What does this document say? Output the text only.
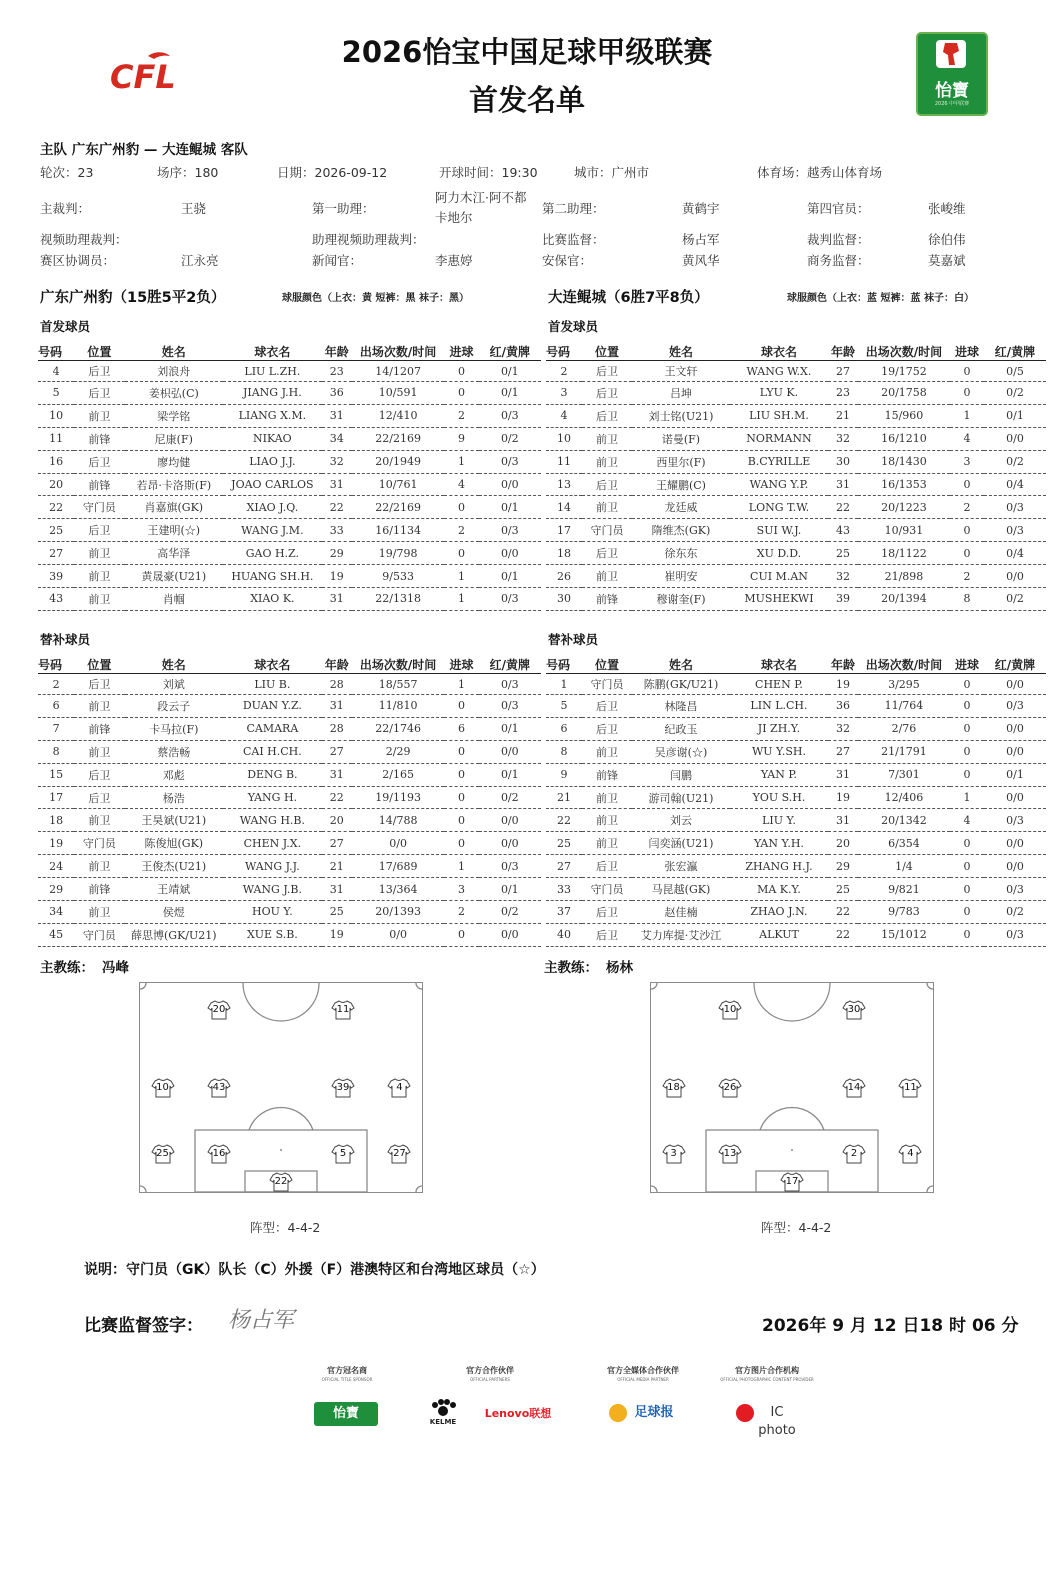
CFL
2026怡宝中国足球甲级联赛
首发名单	怡寶
2026 中甲联赛
主队 广东广州豹 — 大连鲲城 客队
轮次：23	场序：180	日期：2026-09-12	开球时间：19:30	城市：广州市	体育场：越秀山体育场
主裁判：	王骁	第一助理：
阿力木江·阿不都
卡地尔
第二助理：	黄鹤宇	第四官员：	张峻维
视频助理裁判：	助理视频助理裁判：	比赛监督：	杨占军	裁判监督：	徐伯伟
赛区协调员：	江永亮	新闻官：	李惠婷	安保官：	黄风华	商务监督：	莫嘉斌
广东广州豹（15胜5平2负）	球服颜色（上衣：黄 短裤：黑 袜子：黑）	大连鲲城（6胜7平8负）	球服颜色（上衣：蓝 短裤：蓝 袜子：白）
首发球员	首发球员
替补球员	替补球员
号码	位置	姓名	球衣名	年龄	出场次数/时间	进球	红/黄牌
4	后卫	刘浪舟	LIU L.ZH.	23	14/1207	0	0/1
5	后卫	姜枳弘(C)	JIANG J.H.	36	10/591	0	0/1
10	前卫	梁学铭	LIANG X.M.	31	12/410	2	0/3
11	前锋	尼康(F)	NIKAO	34	22/2169	9	0/2
16	后卫	廖均健	LIAO J.J.	32	20/1949	1	0/3
20	前锋	若昂·卡洛斯(F)	JOAO CARLOS	31	10/761	4	0/0
22	守门员	肖嘉旗(GK)	XIAO J.Q.	22	22/2169	0	0/1
25	后卫	王建明(☆)	WANG J.M.	33	16/1134	2	0/3
27	前卫	高华泽	GAO H.Z.	29	19/798	0	0/0
39	前卫	黄晟豪(U21)	HUANG SH.H.	19	9/533	1	0/1
43	前卫	肖帼	XIAO K.	31	22/1318	1	0/3
号码	位置	姓名	球衣名	年龄	出场次数/时间	进球	红/黄牌
2	后卫	王文轩	WANG W.X.	27	19/1752	0	0/5
3	后卫	吕坤	LYU K.	23	20/1758	0	0/2
4	后卫	刘士铭(U21)	LIU SH.M.	21	15/960	1	0/1
10	前卫	诺曼(F)	NORMANN	32	16/1210	4	0/0
11	前卫	西里尔(F)	B.CYRILLE	30	18/1430	3	0/2
13	后卫	王耀鹏(C)	WANG Y.P.	31	16/1353	0	0/4
14	前卫	龙廷威	LONG T.W.	22	20/1223	2	0/3
17	守门员	隋维杰(GK)	SUI W.J.	43	10/931	0	0/3
18	后卫	徐东东	XU D.D.	25	18/1122	0	0/4
26	前卫	崔明安	CUI M.AN	32	21/898	2	0/0
30	前锋	穆谢奎(F)	MUSHEKWI	39	20/1394	8	0/2
号码	位置	姓名	球衣名	年龄	出场次数/时间	进球	红/黄牌
2	后卫	刘斌	LIU B.	28	18/557	1	0/3
6	前卫	段云子	DUAN Y.Z.	31	11/810	0	0/3
7	前锋	卡马拉(F)	CAMARA	28	22/1746	6	0/1
8	前卫	蔡浩畅	CAI H.CH.	27	2/29	0	0/0
15	后卫	邓彪	DENG B.	31	2/165	0	0/1
17	后卫	杨浩	YANG H.	22	19/1193	0	0/2
18	前卫	王昊斌(U21)	WANG H.B.	20	14/788	0	0/0
19	守门员	陈俊旭(GK)	CHEN J.X.	27	0/0	0	0/0
24	前卫	王俊杰(U21)	WANG J.J.	21	17/689	1	0/3
29	前锋	王靖斌	WANG J.B.	31	13/364	3	0/1
34	前卫	侯煜	HOU Y.	25	20/1393	2	0/2
45	守门员	薛思博(GK/U21)	XUE S.B.	19	0/0	0	0/0
号码	位置	姓名	球衣名	年龄	出场次数/时间	进球	红/黄牌
1	守门员	陈鹏(GK/U21)	CHEN P.	19	3/295	0	0/0
5	后卫	林隆昌	LIN L.CH.	36	11/764	0	0/3
6	后卫	纪政玉	JI ZH.Y.	32	2/76	0	0/0
8	前卫	吴彦谢(☆)	WU Y.SH.	27	21/1791	0	0/0
9	前锋	闫鹏	YAN P.	31	7/301	0	0/1
21	前卫	游司翰(U21)	YOU S.H.	19	12/406	1	0/0
22	前卫	刘云	LIU Y.	31	20/1342	4	0/3
25	前卫	闫奕涵(U21)	YAN Y.H.	20	6/354	0	0/0
27	后卫	张宏瀛	ZHANG H.J.	29	1/4	0	0/0
33	守门员	马昆越(GK)	MA K.Y.	25	9/821	0	0/3
37	后卫	赵佳楠	ZHAO J.N.	22	9/783	0	0/2
40	后卫	艾力库提·艾沙江	ALKUT	22	15/1012	0	0/3
主教练： 冯峰	主教练： 杨林
20	11
10	43	39	4
25	16	5	27
22
10	30
18	26	14	11
3	13	2	4
17
阵型：4-4-2	阵型：4-4-2
说明：守门员（GK）队长（C）外援（F）港澳特区和台湾地区球员（☆）
比赛监督签字： 杨占军	2026年 9 月 12 日18 时 06 分
官方冠名商
OFFICIAL TITLE SPONSOR
官方合作伙伴
OFFICIAL PARTNERS
官方全媒体合作伙伴
OFFICIAL MEDIA PARTNER
官方图片合作机构
OFFICIAL PHOTOGRAPHIC CONTENT PROVIDER
怡寶
KELME
Lenovo联想	足球报	IC photo
